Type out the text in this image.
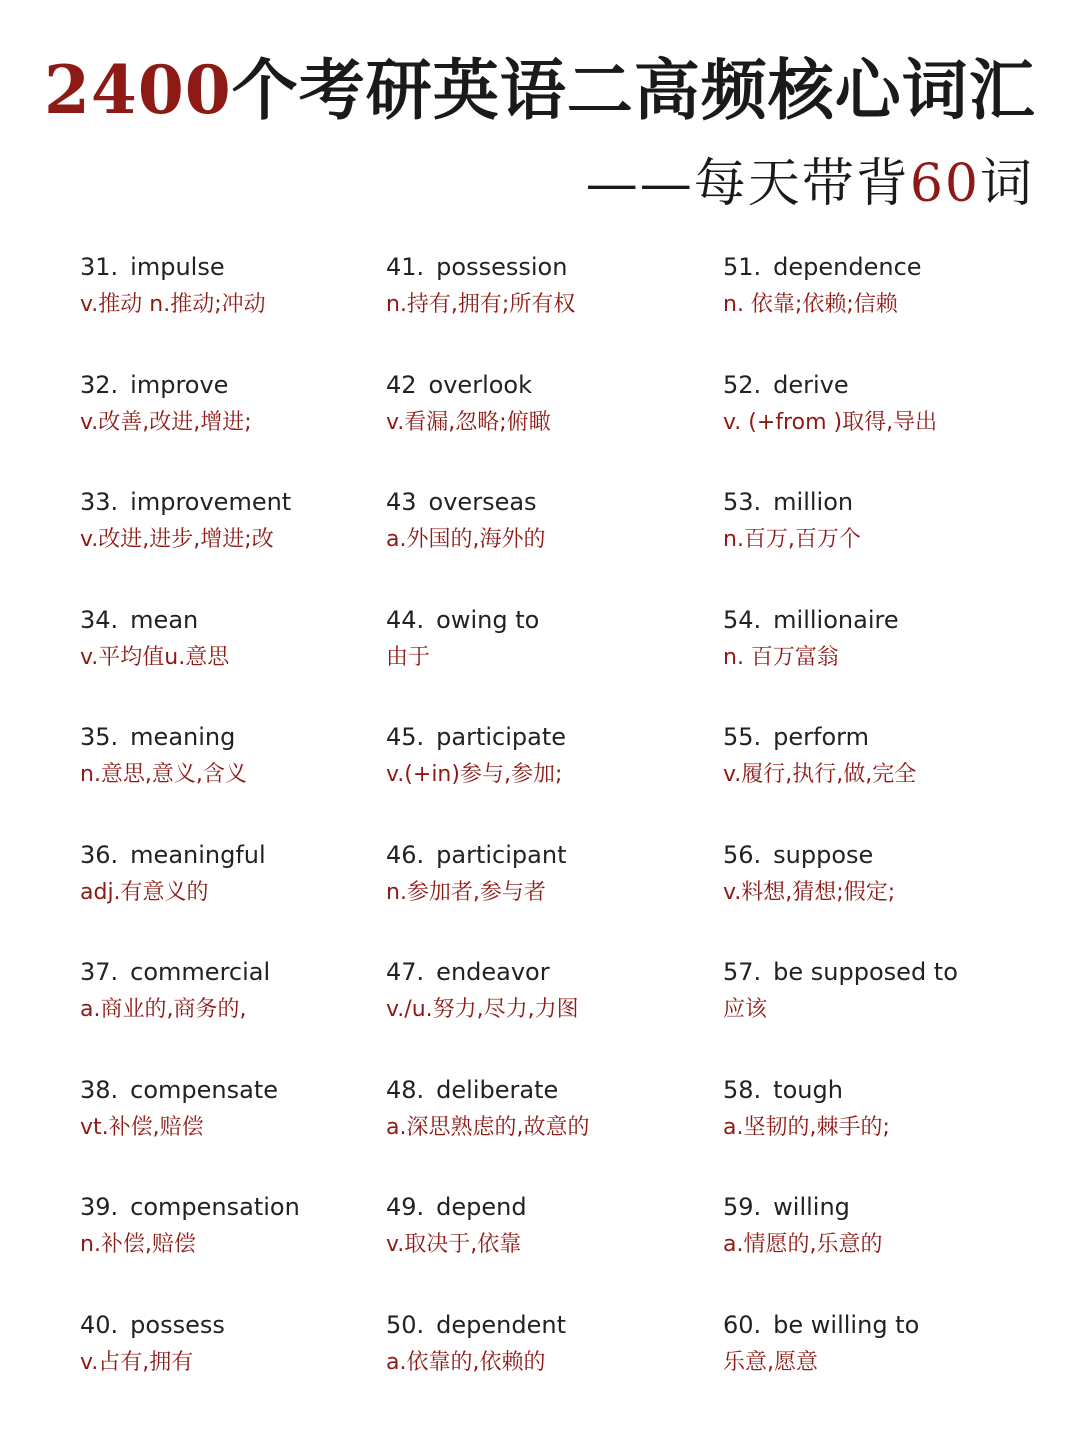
2400个考研英语二高频核心词汇
——每天带背60词
31. impulse
v.推动 n.推动;冲动
32. improve
v.改善,改进,增进;
33. improvement
v.改进,进步,增进;改
34. mean
v.平均值u.意思
35. meaning
n.意思,意义,含义
36. meaningful
adj.有意义的
37. commercial
a.商业的,商务的,
38. compensate
vt.补偿,赔偿
39. compensation
n.补偿,赔偿
40. possess
v.占有,拥有
41. possession
n.持有,拥有;所有权
42 overlook
v.看漏,忽略;俯瞰
43 overseas
a.外国的,海外的
44. owing to
由于
45. participate
v.(+in)参与,参加;
46. participant
n.参加者,参与者
47. endeavor
v./u.努力,尽力,力图
48. deliberate
a.深思熟虑的,故意的
49. depend
v.取决于,依靠
50. dependent
a.依靠的,依赖的
51. dependence
n. 依靠;依赖;信赖
52. derive
v. (+from )取得,导出
53. million
n.百万,百万个
54. millionaire
n. 百万富翁
55. perform
v.履行,执行,做,完全
56. suppose
v.料想,猜想;假定;
57. be supposed to
应该
58. tough
a.坚韧的,棘手的;
59. willing
a.情愿的,乐意的
60. be willing to
乐意,愿意
